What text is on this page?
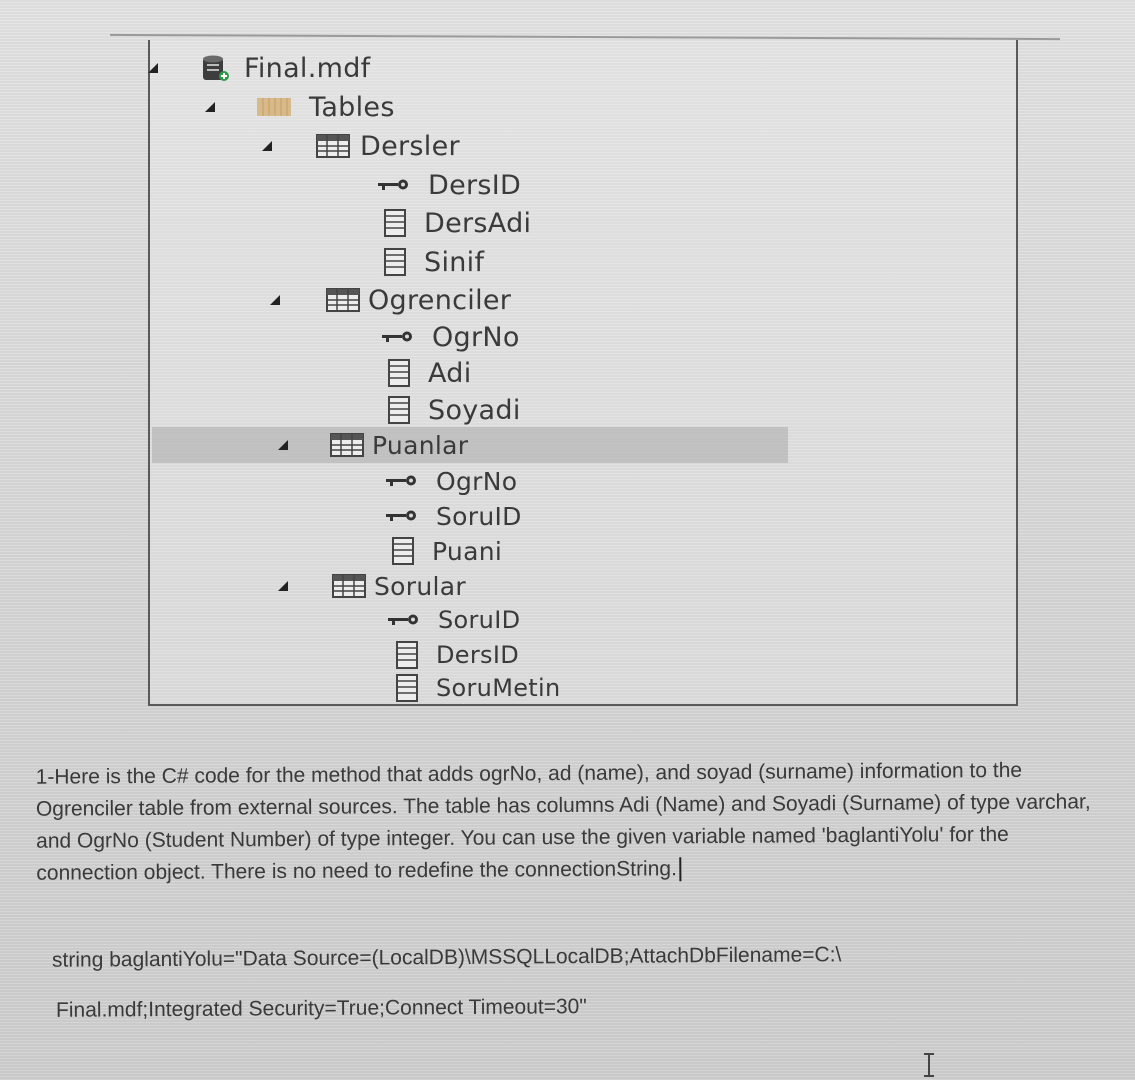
Final.mdf
Tables
Dersler
DersID
DersAdi
Sinif
Ogrenciler
OgrNo
Adi
Soyadi
Puanlar
OgrNo
SoruID
Puani
Sorular
SoruID
DersID
SoruMetin

1-Here is the C# code for the method that adds ogrNo, ad (name), and soyad (surname) information to the Ogrenciler table from external sources. The table has columns Adi (Name) and Soyadi (Surname) of type varchar, and OgrNo (Student Number) of type integer. You can use the given variable named 'baglantiYolu' for the connection object. There is no need to redefine the connectionString.

string baglantiYolu="Data Source=(LocalDB)\MSSQLLocalDB;AttachDbFilename=C:\
Final.mdf;Integrated Security=True;Connect Timeout=30"
